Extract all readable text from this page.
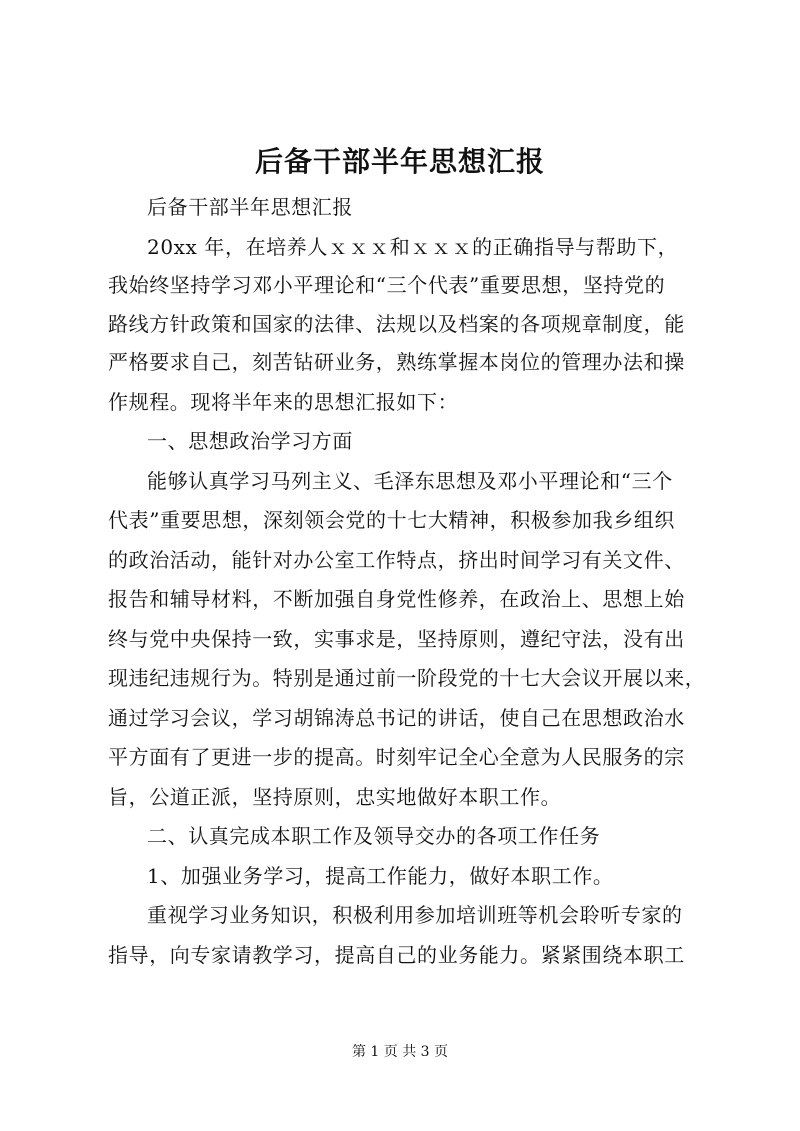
后备干部半年思想汇报
后备干部半年思想汇报
20xx 年，在培养人ｘｘｘ和ｘｘｘ的正确指导与帮助下，
我始终坚持学习邓小平理论和“三个代表”重要思想，坚持党的
路线方针政策和国家的法律、法规以及档案的各项规章制度，能
严格要求自己，刻苦钻研业务，熟练掌握本岗位的管理办法和操
作规程。现将半年来的思想汇报如下：
一、思想政治学习方面
能够认真学习马列主义、毛泽东思想及邓小平理论和“三个
代表”重要思想，深刻领会党的十七大精神，积极参加我乡组织
的政治活动，能针对办公室工作特点，挤出时间学习有关文件、
报告和辅导材料，不断加强自身党性修养，在政治上、思想上始
终与党中央保持一致，实事求是，坚持原则，遵纪守法，没有出
现违纪违规行为。特别是通过前一阶段党的十七大会议开展以来，
通过学习会议，学习胡锦涛总书记的讲话，使自己在思想政治水
平方面有了更进一步的提高。时刻牢记全心全意为人民服务的宗
旨，公道正派，坚持原则，忠实地做好本职工作。
二、认真完成本职工作及领导交办的各项工作任务
1、加强业务学习，提高工作能力，做好本职工作。
重视学习业务知识，积极利用参加培训班等机会聆听专家的
指导，向专家请教学习，提高自己的业务能力。紧紧围绕本职工
第 1 页 共 3 页
